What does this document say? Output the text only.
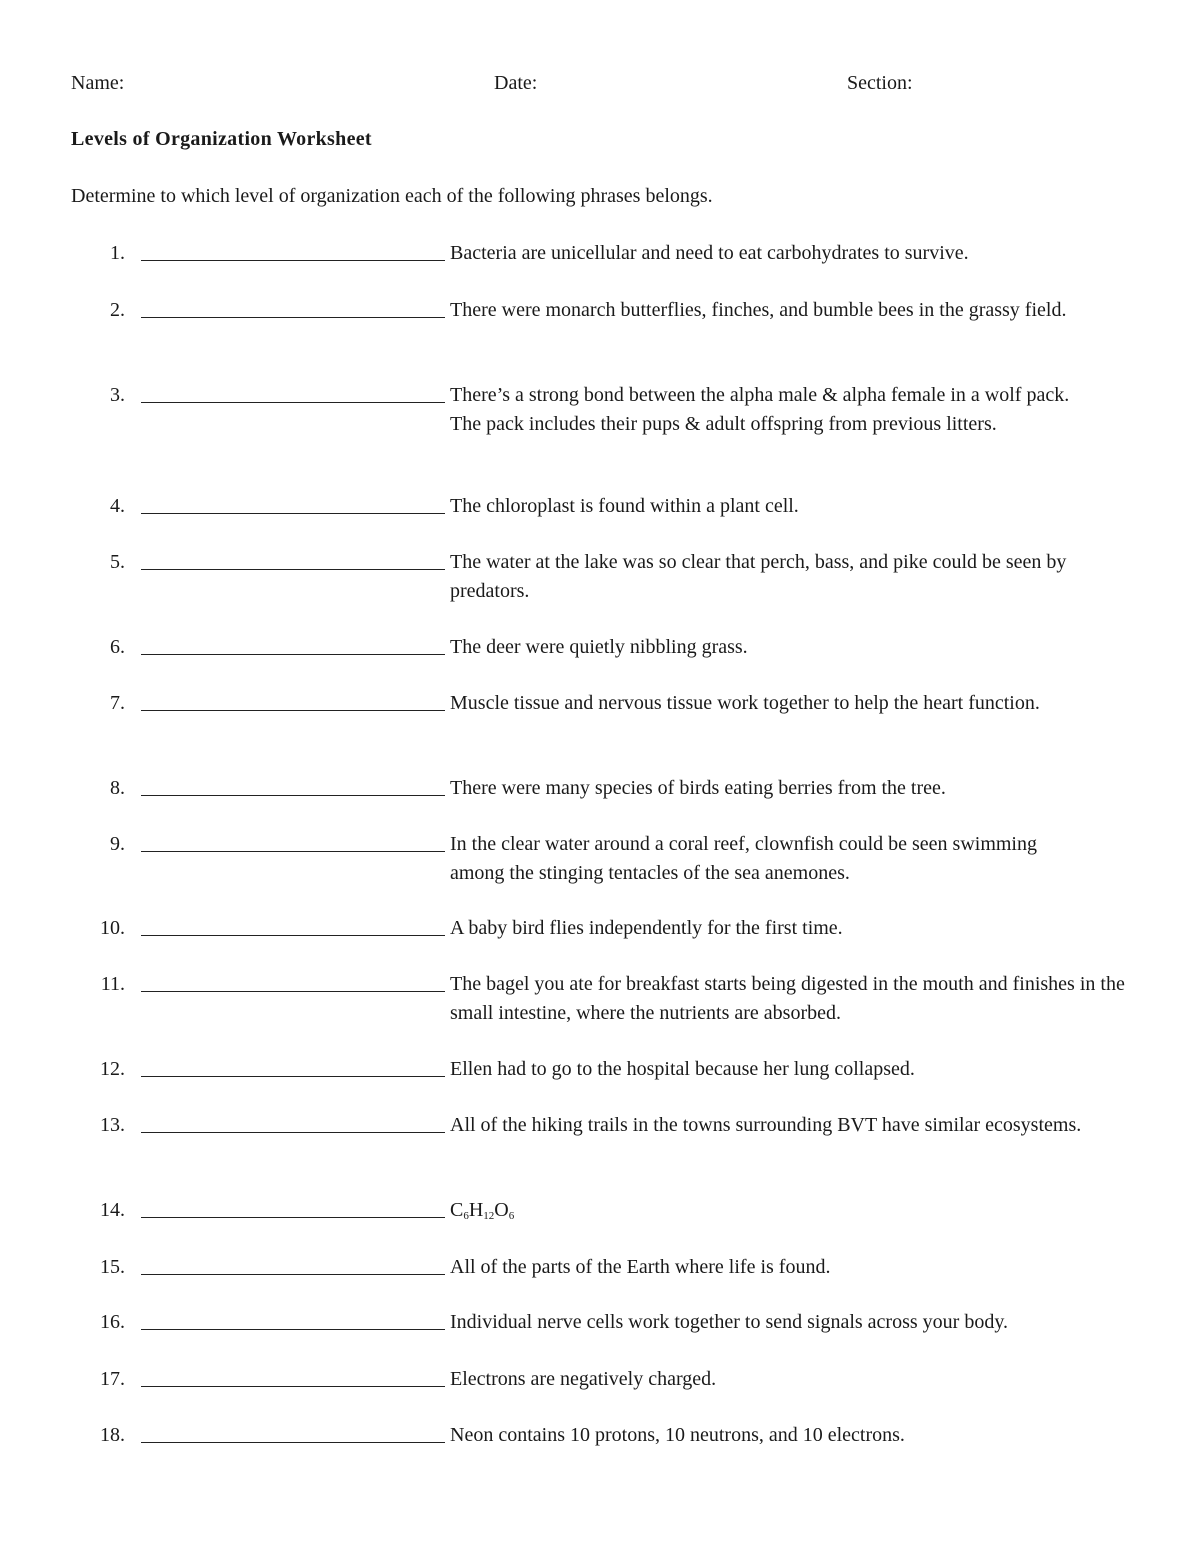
Name:	Date:	Section:
Levels of Organization Worksheet
Determine to which level of organization each of the following phrases belongs.
1.	Bacteria are unicellular and need to eat carbohydrates to survive.
2.	There were monarch butterflies, finches, and bumble bees in the grassy field.
3.	There’s a strong bond between the alpha male & alpha female in a wolf pack. The pack includes their pups & adult offspring from previous litters.
4.	The chloroplast is found within a plant cell.
5.	The water at the lake was so clear that perch, bass, and pike could be seen by predators.
6.	The deer were quietly nibbling grass.
7.	Muscle tissue and nervous tissue work together to help the heart function.
8.	There were many species of birds eating berries from the tree.
9.	In the clear water around a coral reef, clownfish could be seen swimming among the stinging tentacles of the sea anemones.
10.	A baby bird flies independently for the first time.
11.	The bagel you ate for breakfast starts being digested in the mouth and finishes in the small intestine, where the nutrients are absorbed.
12.	Ellen had to go to the hospital because her lung collapsed.
13.	All of the hiking trails in the towns surrounding BVT have similar ecosystems.
14.	$C_6H_{12}O_6$
15.	All of the parts of the Earth where life is found.
16.	Individual nerve cells work together to send signals across your body.
17.	Electrons are negatively charged.
18.	Neon contains 10 protons, 10 neutrons, and 10 electrons.
